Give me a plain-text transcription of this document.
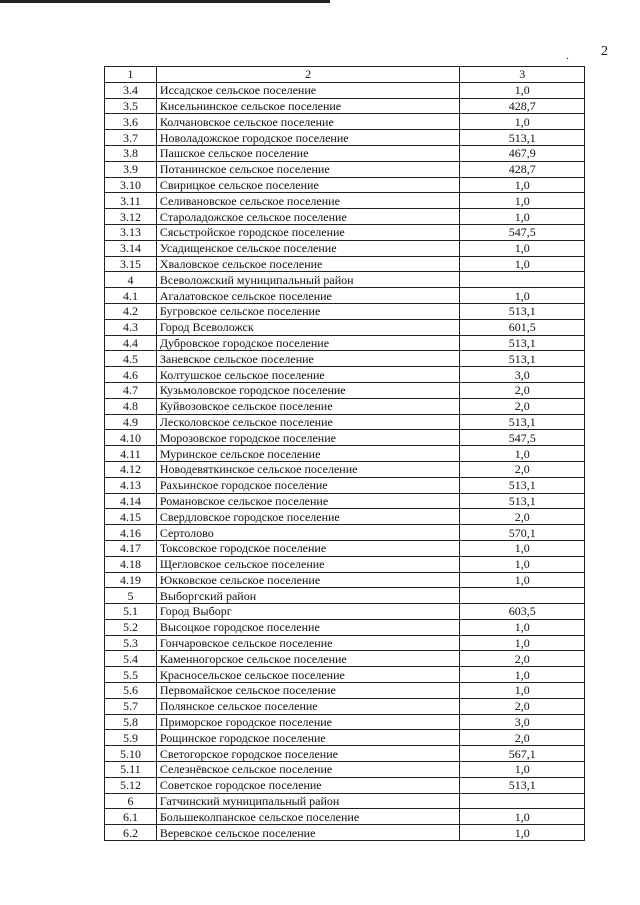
. 2
1	2	3
3.4	Иссадское сельское поселение	1,0
3.5	Кисельнинское сельское поселение	428,7
3.6	Колчановское сельское поселение	1,0
3.7	Новоладожское городское поселение	513,1
3.8	Пашское сельское поселение	467,9
3.9	Потанинское сельское поселение	428,7
3.10	Свирицкое сельское поселение	1,0
3.11	Селивановское сельское поселение	1,0
3.12	Староладожское сельское поселение	1,0
3.13	Сясьстройское городское поселение	547,5
3.14	Усадищенское сельское поселение	1,0
3.15	Хваловское сельское поселение	1,0
4	Всеволожский муниципальный район	
4.1	Агалатовское сельское поселение	1,0
4.2	Бугровское сельское поселение	513,1
4.3	Город Всеволожск	601,5
4.4	Дубровское городское поселение	513,1
4.5	Заневское сельское поселение	513,1
4.6	Колтушское сельское поселение	3,0
4.7	Кузьмоловское городское поселение	2,0
4.8	Куйвозовское сельское поселение	2,0
4.9	Лесколовское сельское поселение	513,1
4.10	Морозовское городское поселение	547,5
4.11	Муринское сельское поселение	1,0
4.12	Новодевяткинское сельское поселение	2,0
4.13	Рахьинское городское поселение	513,1
4.14	Романовское сельское поселение	513,1
4.15	Свердловское городское поселение	2,0
4.16	Сертолово	570,1
4.17	Токсовское городское поселение	1,0
4.18	Щегловское сельское поселение	1,0
4.19	Юкковское сельское поселение	1,0
5	Выборгский район	
5.1	Город Выборг	603,5
5.2	Высоцкое городское поселение	1,0
5.3	Гончаровское сельское поселение	1,0
5.4	Каменногорское сельское поселение	2,0
5.5	Красносельское сельское поселение	1,0
5.6	Первомайское сельское поселение	1,0
5.7	Полянское сельское поселение	2,0
5.8	Приморское городское поселение	3,0
5.9	Рощинское городское поселение	2,0
5.10	Светогорское городское поселение	567,1
5.11	Селезнёвское сельское поселение	1,0
5.12	Советское городское поселение	513,1
6	Гатчинский муниципальный район	
6.1	Большеколпанское сельское поселение	1,0
6.2	Веревское сельское поселение	1,0
